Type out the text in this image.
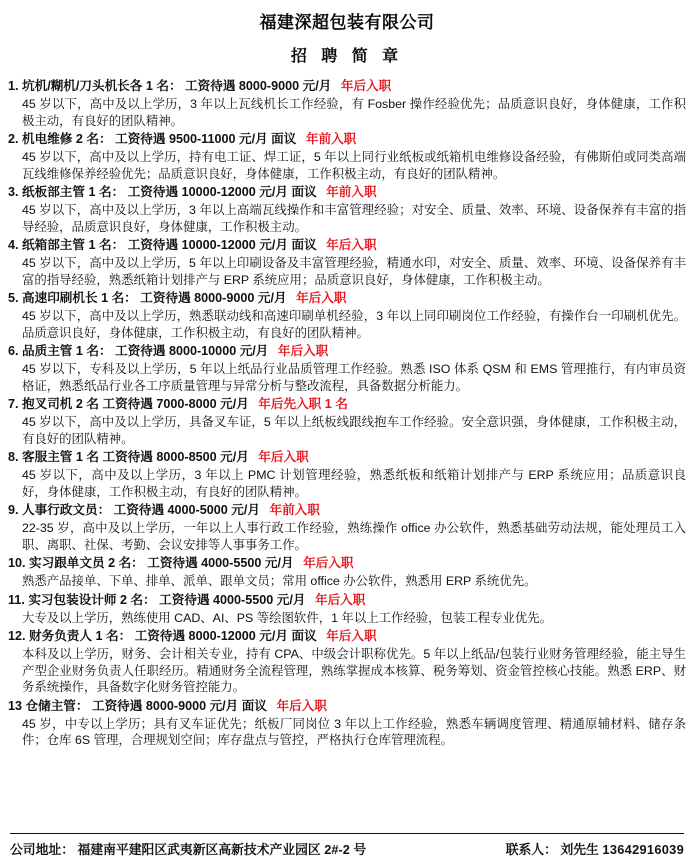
福建深超包装有限公司
招 聘 简 章
1. 坑机/糊机/刀头机长各 1 名： 工资待遇 8000-9000 元/月 年后入职
45 岁以下，高中及以上学历，3 年以上瓦线机长工作经验，有 Fosber 操作经验优先；品质意识良好，身体健康，工作积极主动，有良好的团队精神。
2. 机电维修 2 名： 工资待遇 9500-11000 元/月 面议 年前入职
45 岁以下，高中及以上学历，持有电工证、焊工证，5 年以上同行业纸板或纸箱机电维修设备经验，有佛斯伯或同类高端瓦线维修保养经验优先；品质意识良好，身体健康，工作积极主动，有良好的团队精神。
3. 纸板部主管 1 名： 工资待遇 10000-12000 元/月 面议 年前入职
45 岁以下，高中及以上学历，3 年以上高端瓦线操作和丰富管理经验；对安全、质量、效率、环境、设备保养有丰富的指导经验，品质意识良好，身体健康，工作积极主动。
4. 纸箱部主管 1 名： 工资待遇 10000-12000 元/月 面议 年后入职
45 岁以下，高中及以上学历，5 年以上印刷设备及丰富管理经验，精通水印，对安全、质量、效率、环境、设备保养有丰富的指导经验，熟悉纸箱计划排产与 ERP 系统应用；品质意识良好，身体健康，工作积极主动。
5. 高速印刷机长 1 名： 工资待遇 8000-9000 元/月 年后入职
45 岁以下，高中及以上学历，熟悉联动线和高速印刷单机经验，3 年以上同印刷岗位工作经验，有操作台一印刷机优先。品质意识良好，身体健康，工作积极主动，有良好的团队精神。
6. 品质主管 1 名： 工资待遇 8000-10000 元/月 年后入职
45 岁以下，专科及以上学历，5 年以上纸品行业品质管理工作经验。熟悉 ISO 体系 QSM 和 EMS 管理推行，有内审员资格证，熟悉纸品行业各工序质量管理与异常分析与整改流程，具备数据分析能力。
7. 抱叉司机 2 名 工资待遇 7000-8000 元/月 年后先入职 1 名
45 岁以下，高中及以上学历，具备叉车证，5 年以上纸板线跟线抱车工作经验。安全意识强，身体健康，工作积极主动，有良好的团队精神。
8. 客服主管 1 名 工资待遇 8000-8500 元/月 年后入职
45 岁以下，高中及以上学历，3 年以上 PMC 计划管理经验，熟悉纸板和纸箱计划排产与 ERP 系统应用；品质意识良好，身体健康，工作积极主动，有良好的团队精神。
9. 人事行政文员： 工资待遇 4000-5000 元/月 年前入职
22-35 岁，高中及以上学历，一年以上人事行政工作经验，熟练操作 office 办公软件，熟悉基础劳动法规，能处理员工入职、离职、社保、考勤、会议安排等人事事务工作。
10. 实习跟单文员 2 名： 工资待遇 4000-5500 元/月 年后入职
熟悉产品接单、下单、排单、派单、跟单文员；常用 office 办公软件，熟悉用 ERP 系统优先。
11. 实习包装设计师 2 名： 工资待遇 4000-5500 元/月 年后入职
大专及以上学历，熟练使用 CAD、AI、PS 等绘图软件，1 年以上工作经验，包装工程专业优先。
12. 财务负责人 1 名： 工资待遇 8000-12000 元/月 面议 年后入职
本科及以上学历，财务、会计相关专业，持有 CPA、中级会计职称优先。5 年以上纸品/包装行业财务管理经验，能主导生产型企业财务负责人任职经历。精通财务全流程管理，熟练掌握成本核算、税务筹划、资金管控核心技能。熟悉 ERP、财务系统操作，具备数字化财务管控能力。
13 仓储主管： 工资待遇 8000-9000 元/月 面议 年后入职
45 岁，中专以上学历；具有叉车证优先；纸板厂同岗位 3 年以上工作经验，熟悉车辆调度管理、精通原辅材料、储存条件；仓库 6S 管理，合理规划空间；库存盘点与管控，严格执行仓库管理流程。
公司地址： 福建南平建阳区武夷新区高新技术产业园区 2#-2 号	联系人： 刘先生 13642916039
